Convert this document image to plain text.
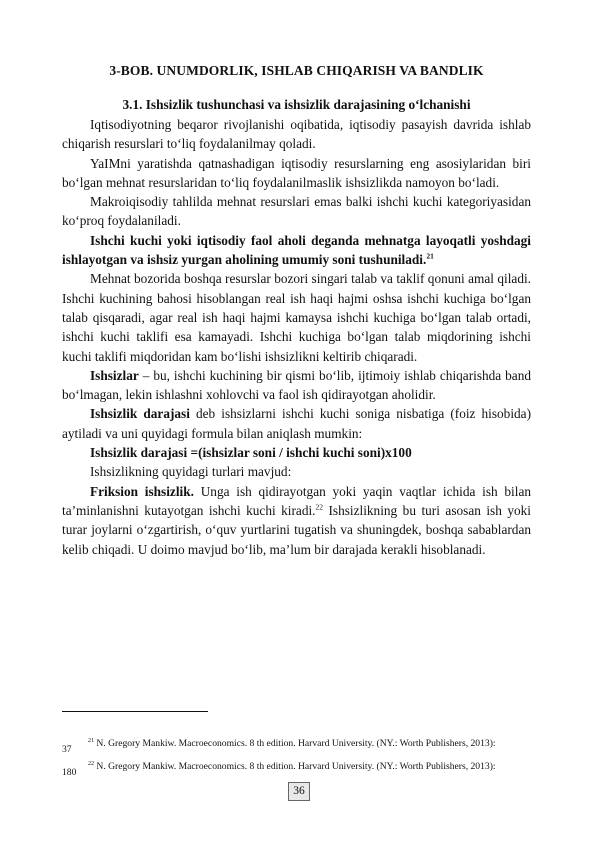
3-BOB. UNUMDORLIK, ISHLAB CHIQARISH VA BANDLIK
3.1. Ishsizlik tushunchasi va ishsizlik darajasining o‘lchanishi

Iqtisodiyotning beqaror rivojlanishi oqibatida, iqtisodiy pasayish davrida ishlab chiqarish resurslari to‘liq foydalanilmay qoladi.

YaIMni yaratishda qatnashadigan iqtisodiy resurslarning eng asosiylaridan biri bo‘lgan mehnat resurslaridan to‘liq foydalanilmaslik ishsizlikda namoyon bo‘ladi.

Makroiqisodiy tahlilda mehnat resurslari emas balki ishchi kuchi kategoriyasidan ko‘proq foydalaniladi.

Ishchi kuchi yoki iqtisodiy faol aholi deganda mehnatga layoqatli yoshdagi ishlayotgan va ishsiz yurgan aholining umumiy soni tushuniladi.$^{21}$

Mehnat bozorida boshqa resurslar bozori singari talab va taklif qonuni amal qiladi. Ishchi kuchining bahosi hisoblangan real ish haqi hajmi oshsa ishchi kuchiga bo‘lgan talab qisqaradi, agar real ish haqi hajmi kamaysa ishchi kuchiga bo‘lgan talab ortadi, ishchi kuchi taklifi esa kamayadi. Ishchi kuchiga bo‘lgan talab miqdorining ishchi kuchi taklifi miqdoridan kam bo‘lishi ishsizlikni keltirib chiqaradi.

Ishsizlar – bu, ishchi kuchining bir qismi bo‘lib, ijtimoiy ishlab chiqarishda band bo‘lmagan, lekin ishlashni xohlovchi va faol ish qidirayotgan aholidir.

Ishsizlik darajasi deb ishsizlarni ishchi kuchi soniga nisbatiga (foiz hisobida) aytiladi va uni quyidagi formula bilan aniqlash mumkin:

Ishsizlik darajasi =(ishsizlar soni / ishchi kuchi soni)x100

Ishsizlikning quyidagi turlari mavjud:

Friksion ishsizlik. Unga ish qidirayotgan yoki yaqin vaqtlar ichida ish bilan ta’minlanishni kutayotgan ishchi kuchi kiradi.$^{22}$ Ishsizlikning bu turi asosan ish yoki turar joylarni o‘zgartirish, o‘quv yurtlarini tugatish va shuningdek, boshqa sabablardan kelib chiqadi. U doimo mavjud bo‘lib, ma’lum bir darajada kerakli hisoblanadi.

37
$^{21}$ N. Gregory Mankiw. Macroeconomics. 8 th edition. Harvard University. (NY.: Worth Publishers, 2013):
180
$^{22}$ N. Gregory Mankiw. Macroeconomics. 8 th edition. Harvard University. (NY.: Worth Publishers, 2013):
36
